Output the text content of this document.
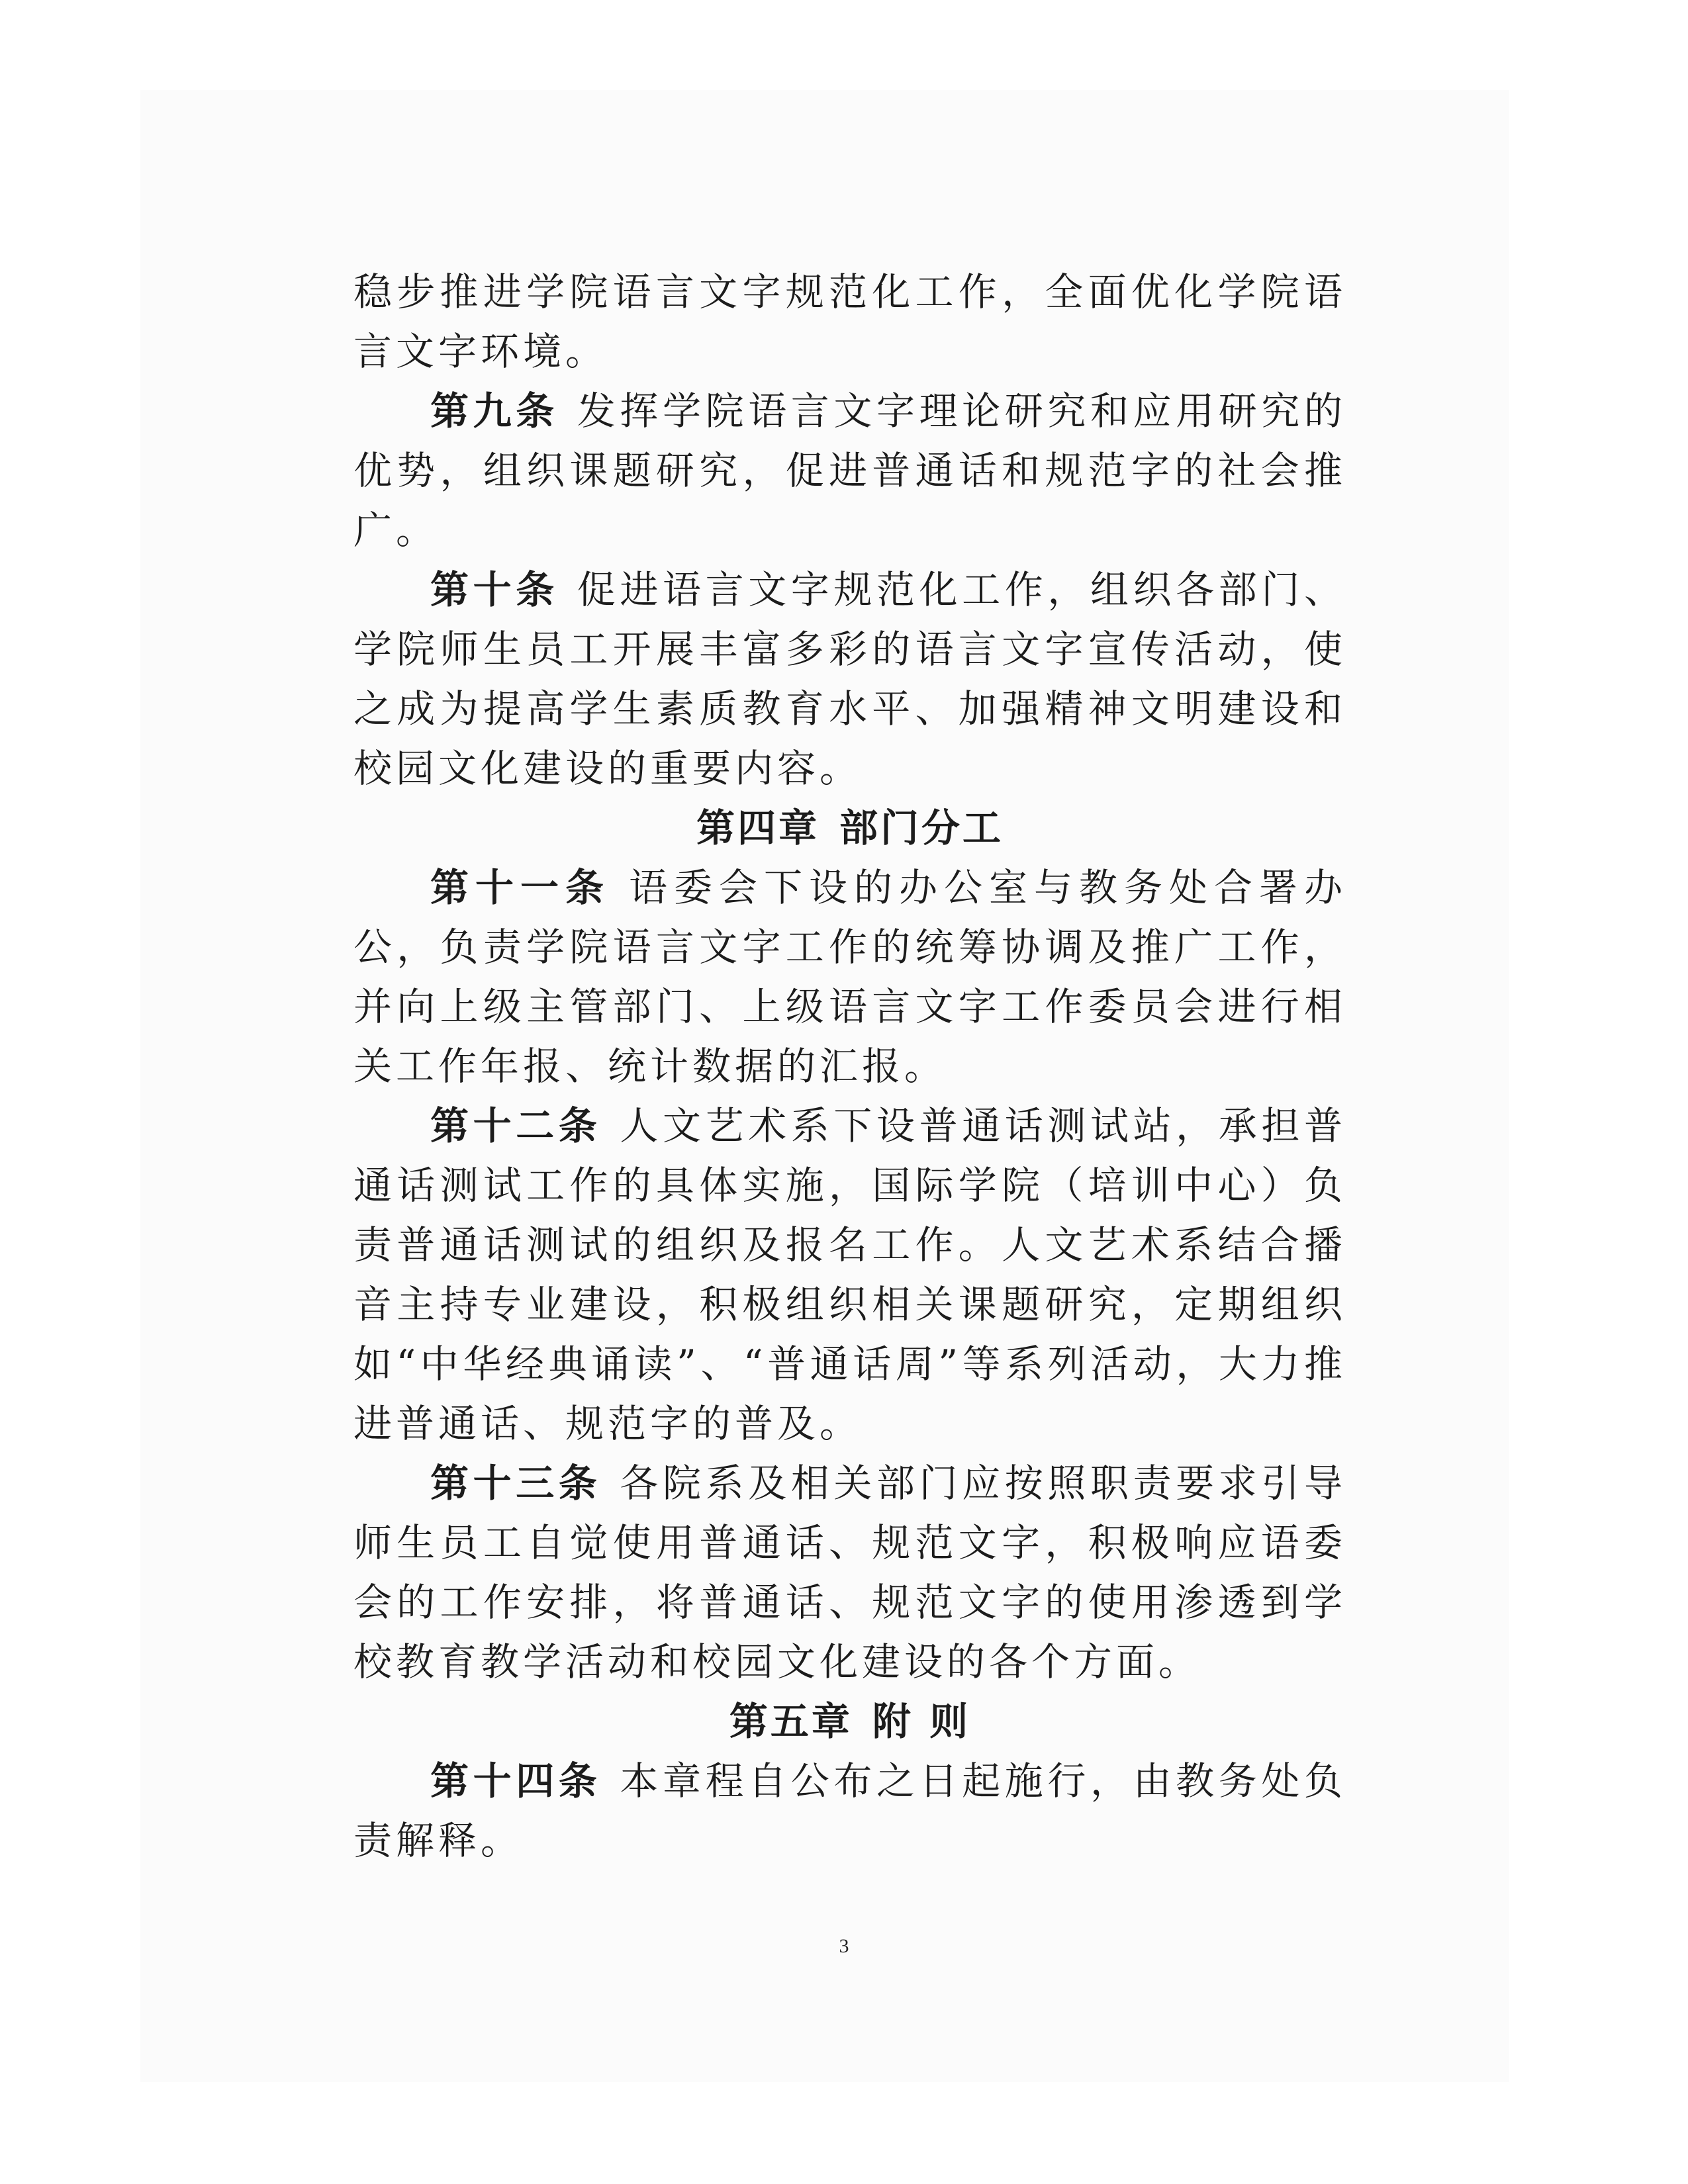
稳步推进学院语言文字规范化工作，全面优化学院语言文字环境。

第九条 发挥学院语言文字理论研究和应用研究的优势，组织课题研究，促进普通话和规范字的社会推广。

第十条 促进语言文字规范化工作，组织各部门、学院师生员工开展丰富多彩的语言文字宣传活动，使之成为提高学生素质教育水平、加强精神文明建设和校园文化建设的重要内容。

第四章 部门分工

第十一条 语委会下设的办公室与教务处合署办公，负责学院语言文字工作的统筹协调及推广工作，并向上级主管部门、上级语言文字工作委员会进行相关工作年报、统计数据的汇报。

第十二条 人文艺术系下设普通话测试站，承担普通话测试工作的具体实施，国际学院（培训中心）负责普通话测试的组织及报名工作。人文艺术系结合播音主持专业建设，积极组织相关课题研究，定期组织如“中华经典诵读”、“普通话周”等系列活动，大力推进普通话、规范字的普及。

第十三条 各院系及相关部门应按照职责要求引导师生员工自觉使用普通话、规范文字，积极响应语委会的工作安排，将普通话、规范文字的使用渗透到学校教育教学活动和校园文化建设的各个方面。

第五章 附 则

第十四条 本章程自公布之日起施行，由教务处负责解释。

3
